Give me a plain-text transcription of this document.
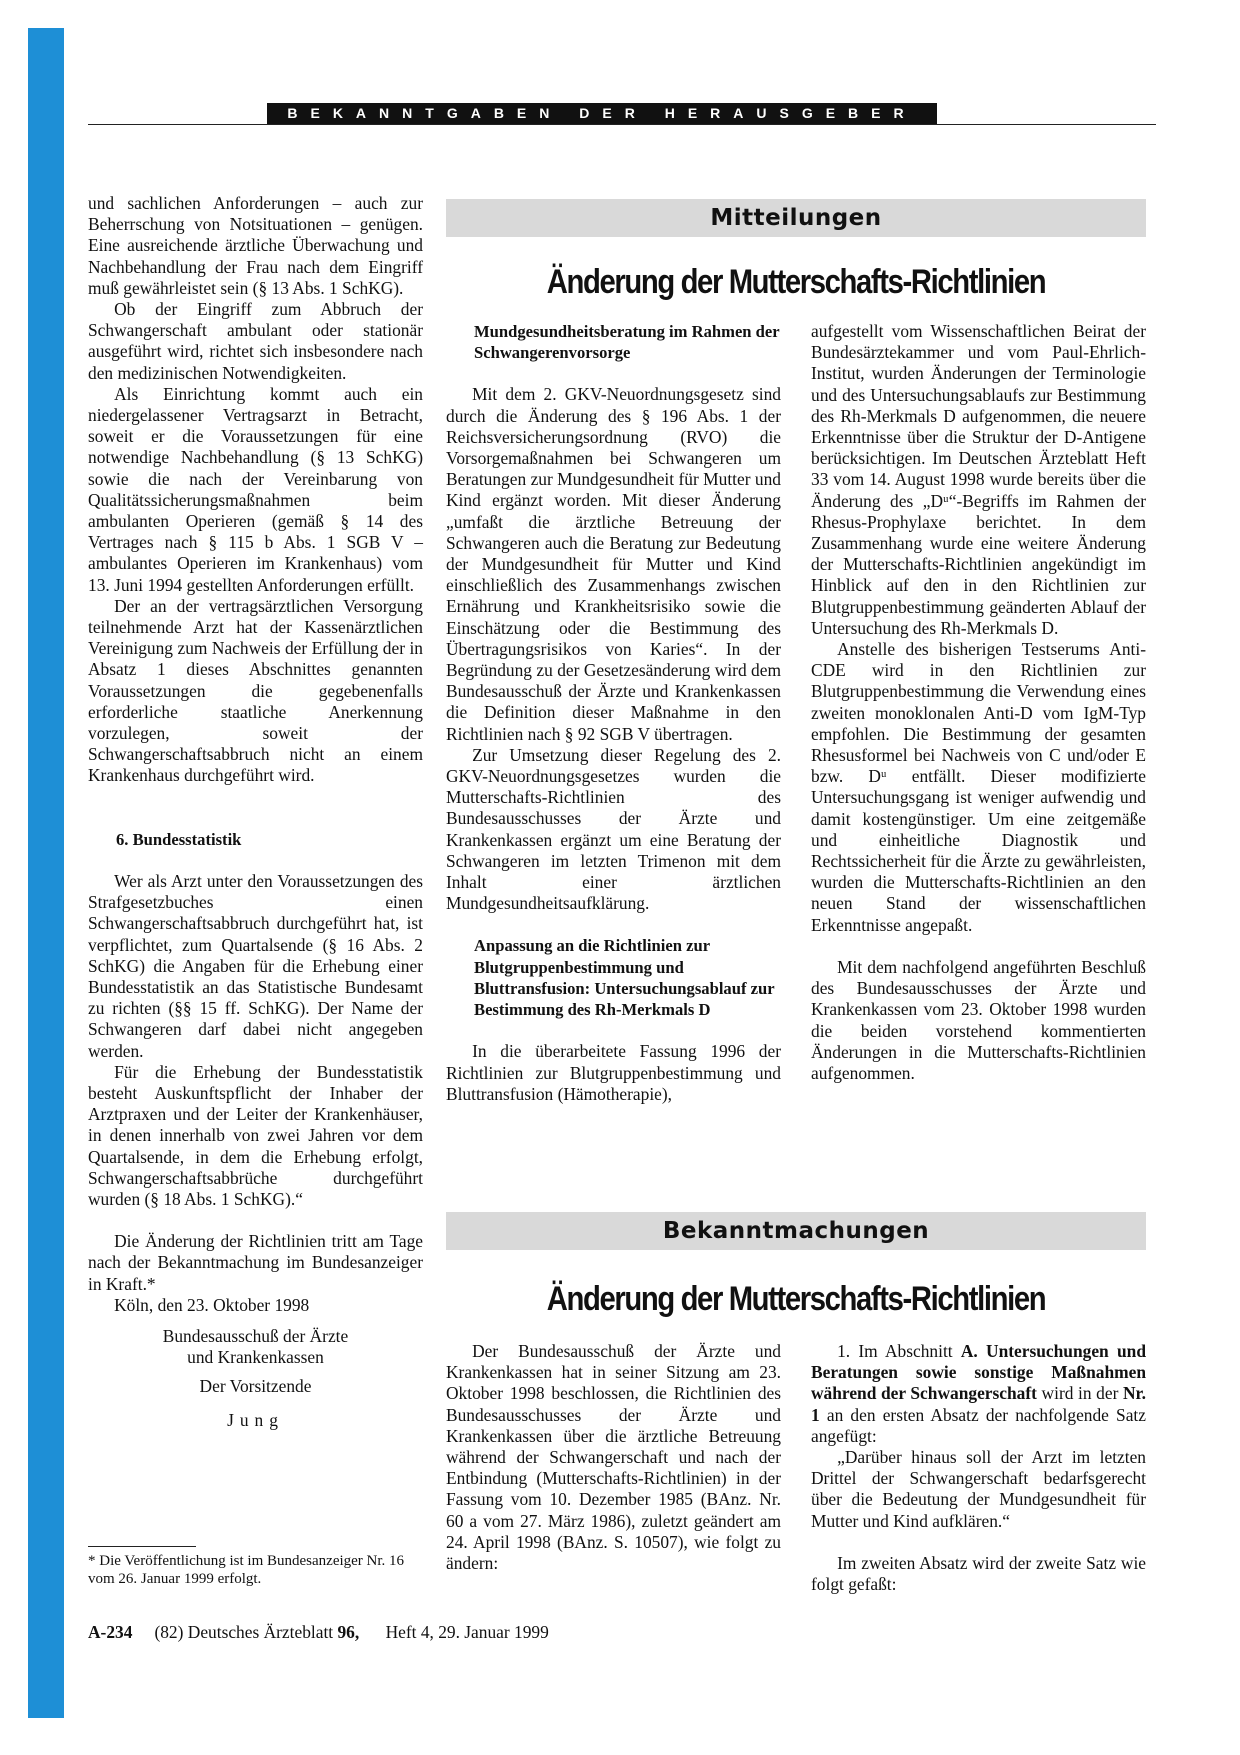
BEKANNTGABEN DER HERAUSGEBER

und sachlichen Anforderungen – auch zur Beherrschung von Notsituationen – genügen. Eine ausreichende ärztliche Überwachung und Nachbehandlung der Frau nach dem Eingriff muß gewährleistet sein (§ 13 Abs. 1 SchKG).

Ob der Eingriff zum Abbruch der Schwangerschaft ambulant oder stationär ausgeführt wird, richtet sich insbesondere nach den medizinischen Notwendigkeiten.

Als Einrichtung kommt auch ein niedergelassener Vertragsarzt in Betracht, soweit er die Voraussetzungen für eine notwendige Nachbehandlung (§ 13 SchKG) sowie die nach der Vereinbarung von Qualitätssicherungsmaßnahmen beim ambulanten Operieren (gemäß § 14 des Vertrages nach § 115 b Abs. 1 SGB V – ambulantes Operieren im Krankenhaus) vom 13. Juni 1994 gestellten Anforderungen erfüllt.

Der an der vertragsärztlichen Versorgung teilnehmende Arzt hat der Kassenärztlichen Vereinigung zum Nachweis der Erfüllung der in Absatz 1 dieses Abschnittes genannten Voraussetzungen die gegebenenfalls erforderliche staatliche Anerkennung vorzulegen, soweit der Schwangerschaftsabbruch nicht an einem Krankenhaus durchgeführt wird.

6. Bundesstatistik

Wer als Arzt unter den Voraussetzungen des Strafgesetzbuches einen Schwangerschaftsabbruch durchgeführt hat, ist verpflichtet, zum Quartalsende (§ 16 Abs. 2 SchKG) die Angaben für die Erhebung einer Bundesstatistik an das Statistische Bundesamt zu richten (§§ 15 ff. SchKG). Der Name der Schwangeren darf dabei nicht angegeben werden.

Für die Erhebung der Bundesstatistik besteht Auskunftspflicht der Inhaber der Arztpraxen und der Leiter der Krankenhäuser, in denen innerhalb von zwei Jahren vor dem Quartalsende, in dem die Erhebung erfolgt, Schwangerschaftsabbrüche durchgeführt wurden (§ 18 Abs. 1 SchKG).“

Die Änderung der Richtlinien tritt am Tage nach der Bekanntmachung im Bundesanzeiger in Kraft.*

Köln, den 23. Oktober 1998

Bundesausschuß der Ärzte

und Krankenkassen

Der Vorsitzende

Jung

* Die Veröffentlichung ist im Bundesanzeiger Nr. 16 vom 26. Januar 1999 erfolgt.
Mitteilungen
Änderung der Mutterschafts-Richtlinien
Mundgesundheitsberatung im Rahmen der Schwangerenvorsorge

Mit dem 2. GKV-Neuordnungsgesetz sind durch die Änderung des § 196 Abs. 1 der Reichsversicherungsordnung (RVO) die Vorsorgemaßnahmen bei Schwangeren um Beratungen zur Mundgesundheit für Mutter und Kind ergänzt worden. Mit dieser Änderung „umfaßt die ärztliche Betreuung der Schwangeren auch die Beratung zur Bedeutung der Mundgesundheit für Mutter und Kind einschließlich des Zusammenhangs zwischen Ernährung und Krankheitsrisiko sowie die Einschätzung oder die Bestimmung des Übertragungsrisikos von Karies“. In der Begründung zu der Gesetzesänderung wird dem Bundesausschuß der Ärzte und Krankenkassen die Definition dieser Maßnahme in den Richtlinien nach § 92 SGB V übertragen.

Zur Umsetzung dieser Regelung des 2. GKV-Neuordnungsgesetzes wurden die Mutterschafts-Richtlinien des Bundesausschusses der Ärzte und Krankenkassen ergänzt um eine Beratung der Schwangeren im letzten Trimenon mit dem Inhalt einer ärztlichen Mundgesundheitsaufklärung.

Anpassung an die Richtlinien zur Blutgruppenbestimmung und Bluttransfusion: Untersuchungsablauf zur Bestimmung des Rh-Merkmals D

In die überarbeitete Fassung 1996 der Richtlinien zur Blutgruppenbestimmung und Bluttransfusion (Hämotherapie),

aufgestellt vom Wissenschaftlichen Beirat der Bundesärztekammer und vom Paul-Ehrlich-Institut, wurden Änderungen der Terminologie und des Untersuchungsablaufs zur Bestimmung des Rh-Merkmals D aufgenommen, die neuere Erkenntnisse über die Struktur der D-Antigene berücksichtigen. Im Deutschen Ärzteblatt Heft 33 vom 14. August 1998 wurde bereits über die Änderung des „Dᵘ“-Begriffs im Rahmen der Rhesus-Prophylaxe berichtet. In dem Zusammenhang wurde eine weitere Änderung der Mutterschafts-Richtlinien angekündigt im Hinblick auf den in den Richtlinien zur Blutgruppenbestimmung geänderten Ablauf der Untersuchung des Rh-Merkmals D.

Anstelle des bisherigen Testserums Anti-CDE wird in den Richtlinien zur Blutgruppenbestimmung die Verwendung eines zweiten monoklonalen Anti-D vom IgM-Typ empfohlen. Die Bestimmung der gesamten Rhesusformel bei Nachweis von C und/oder E bzw. Dᵘ entfällt. Dieser modifizierte Untersuchungsgang ist weniger aufwendig und damit kostengünstiger. Um eine zeitgemäße und einheitliche Diagnostik und Rechtssicherheit für die Ärzte zu gewährleisten, wurden die Mutterschafts-Richtlinien an den neuen Stand der wissenschaftlichen Erkenntnisse angepaßt.

Mit dem nachfolgend angeführten Beschluß des Bundesausschusses der Ärzte und Krankenkassen vom 23. Oktober 1998 wurden die beiden vorstehend kommentierten Änderungen in die Mutterschafts-Richtlinien aufgenommen.

Bekanntmachungen
Änderung der Mutterschafts-Richtlinien

Der Bundesausschuß der Ärzte und Krankenkassen hat in seiner Sitzung am 23. Oktober 1998 beschlossen, die Richtlinien des Bundesausschusses der Ärzte und Krankenkassen über die ärztliche Betreuung während der Schwangerschaft und nach der Entbindung (Mutterschafts-Richtlinien) in der Fassung vom 10. Dezember 1985 (BAnz. Nr. 60 a vom 27. März 1986), zuletzt geändert am 24. April 1998 (BAnz. S. 10507), wie folgt zu ändern:

1. Im Abschnitt A. Untersuchungen und Beratungen sowie sonstige Maßnahmen während der Schwangerschaft wird in der Nr. 1 an den ersten Absatz der nachfolgende Satz angefügt:

„Darüber hinaus soll der Arzt im letzten Drittel der Schwangerschaft bedarfsgerecht über die Bedeutung der Mundgesundheit für Mutter und Kind aufklären.“

Im zweiten Absatz wird der zweite Satz wie folgt gefaßt:

A-234 (82) Deutsches Ärzteblatt 96, Heft 4, 29. Januar 1999
